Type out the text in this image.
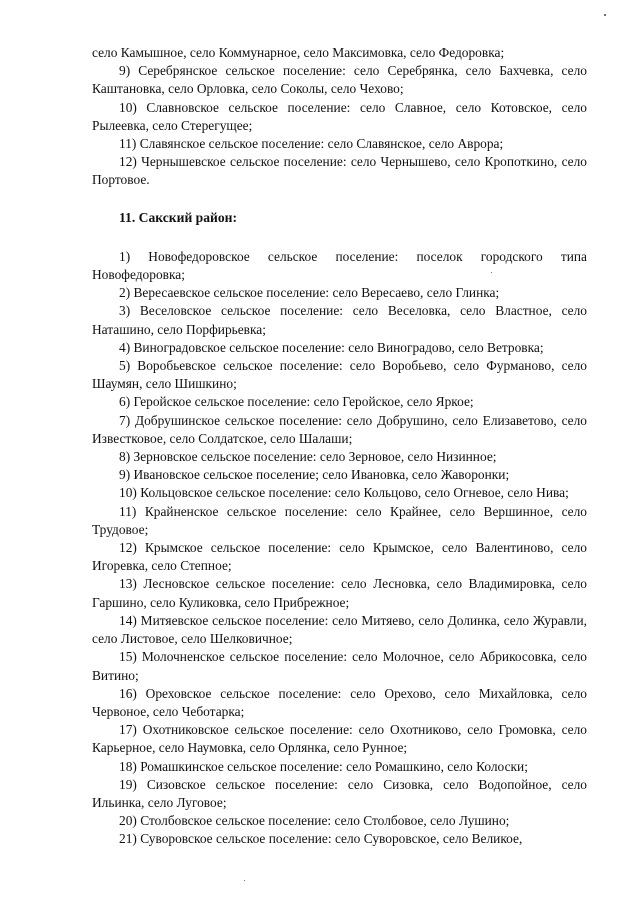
село Камышное, село Коммунарное, село Максимовка, село Федоровка;

9) Серебрянское сельское поселение: село Серебрянка, село Бахчевка, село Каштановка, село Орловка, село Соколы, село Чехово;

10) Славновское сельское поселение: село Славное, село Котовское, село Рылеевка, село Стерегущее;

11) Славянское сельское поселение: село Славянское, село Аврора;

12) Чернышевское сельское поселение: село Чернышево, село Кропоткино, село Портовое.

11. Сакский район:

1) Новофедоровское сельское поселение: поселок городского типа Новофедоровка;

2) Вересаевское сельское поселение: село Вересаево, село Глинка;

3) Веселовское сельское поселение: село Веселовка, село Властное, село Наташино, село Порфирьевка;

4) Виноградовское сельское поселение: село Виноградово, село Ветровка;

5) Воробьевское сельское поселение: село Воробьево, село Фурманово, село Шаумян, село Шишкино;

6) Геройское сельское поселение: село Геройское, село Яркое;

7) Добрушинское сельское поселение: село Добрушино, село Елизаветово, село Известковое, село Солдатское, село Шалаши;

8) Зерновское сельское поселение: село Зерновое, село Низинное;

9) Ивановское сельское поселение; село Ивановка, село Жаворонки;

10) Кольцовское сельское поселение: село Кольцово, село Огневое, село Нива;

11) Крайненское сельское поселение: село Крайнее, село Вершинное, село Трудовое;

12) Крымское сельское поселение: село Крымское, село Валентиново, село Игоревка, село Степное;

13) Лесновское сельское поселение: село Лесновка, село Владимировка, село Гаршино, село Куликовка, село Прибрежное;

14) Митяевское сельское поселение: село Митяево, село Долинка, село Журавли, село Листовое, село Шелковичное;

15) Молочненское сельское поселение: село Молочное, село Абрикосовка, село Витино;

16) Ореховское сельское поселение: село Орехово, село Михайловка, село Червоное, село Чеботарка;

17) Охотниковское сельское поселение: село Охотниково, село Громовка, село Карьерное, село Наумовка, село Орлянка, село Рунное;

18) Ромашкинское сельское поселение: село Ромашкино, село Колоски;

19) Сизовское сельское поселение: село Сизовка, село Водопойное, село Ильинка, село Луговое;

20) Столбовское сельское поселение: село Столбовое, село Лушино;

21) Суворовское сельское поселение: село Суворовское, село Великое,
